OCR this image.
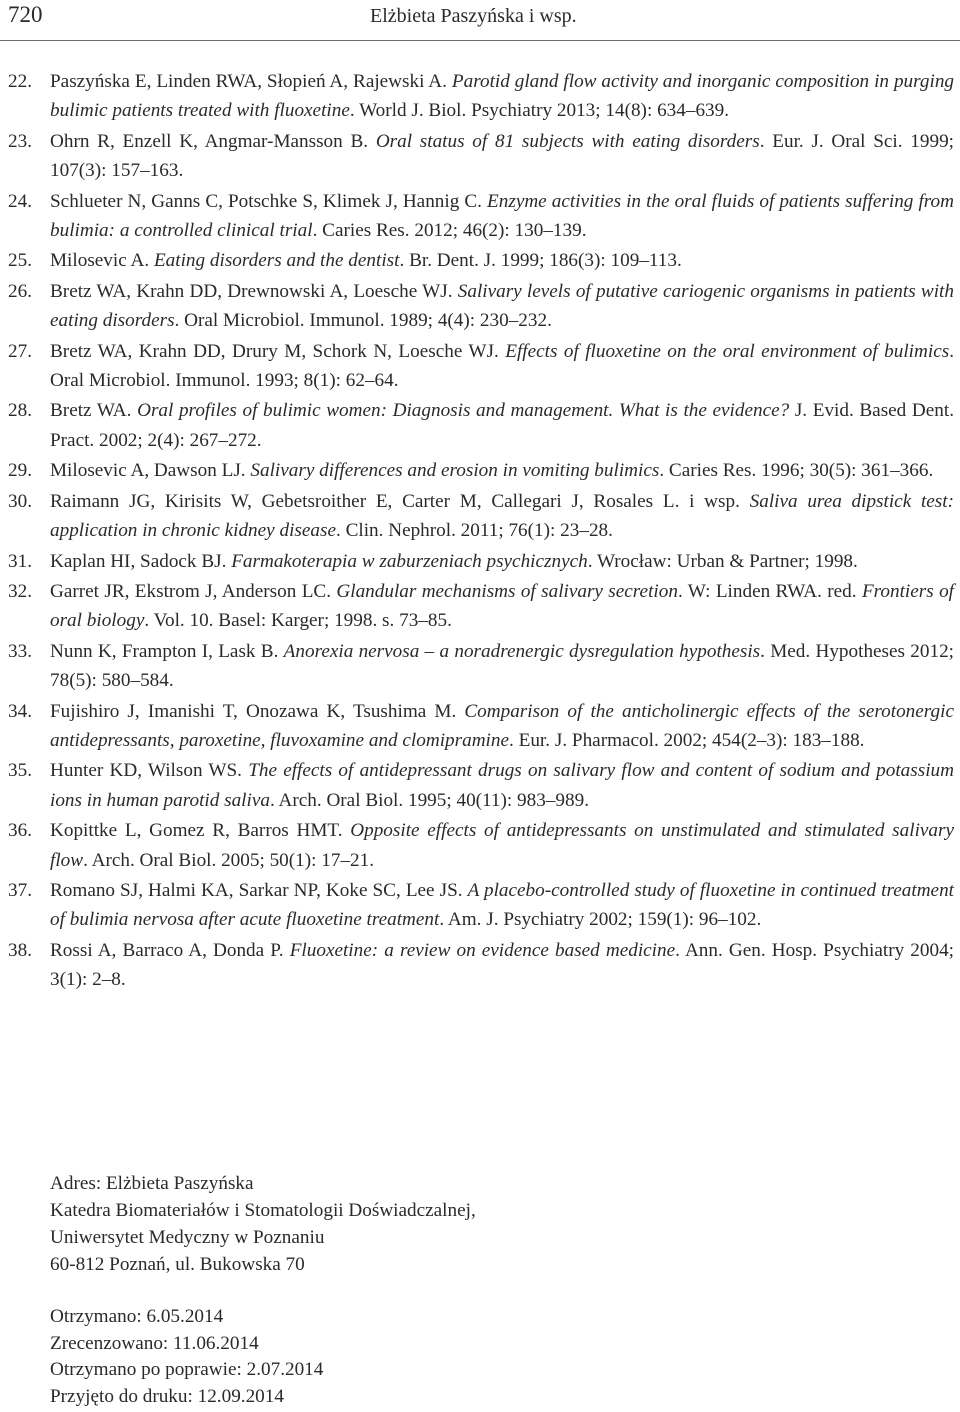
720	Elżbieta Paszyńska i wsp.
22. Paszyńska E, Linden RWA, Słopień A, Rajewski A. Parotid gland flow activity and inorganic composition in purging bulimic patients treated with fluoxetine. World J. Biol. Psychiatry 2013; 14(8): 634–639.
23. Ohrn R, Enzell K, Angmar-Mansson B. Oral status of 81 subjects with eating disorders. Eur. J. Oral Sci. 1999; 107(3): 157–163.
24. Schlueter N, Ganns C, Potschke S, Klimek J, Hannig C. Enzyme activities in the oral fluids of patients suffering from bulimia: a controlled clinical trial. Caries Res. 2012; 46(2): 130–139.
25. Milosevic A. Eating disorders and the dentist. Br. Dent. J. 1999; 186(3): 109–113.
26. Bretz WA, Krahn DD, Drewnowski A, Loesche WJ. Salivary levels of putative cariogenic organisms in patients with eating disorders. Oral Microbiol. Immunol. 1989; 4(4): 230–232.
27. Bretz WA, Krahn DD, Drury M, Schork N, Loesche WJ. Effects of fluoxetine on the oral environment of bulimics. Oral Microbiol. Immunol. 1993; 8(1): 62–64.
28. Bretz WA. Oral profiles of bulimic women: Diagnosis and management. What is the evidence? J. Evid. Based Dent. Pract. 2002; 2(4): 267–272.
29. Milosevic A, Dawson LJ. Salivary differences and erosion in vomiting bulimics. Caries Res. 1996; 30(5): 361–366.
30. Raimann JG, Kirisits W, Gebetsroither E, Carter M, Callegari J, Rosales L. i wsp. Saliva urea dipstick test: application in chronic kidney disease. Clin. Nephrol. 2011; 76(1): 23–28.
31. Kaplan HI, Sadock BJ. Farmakoterapia w zaburzeniach psychicznych. Wrocław: Urban & Partner; 1998.
32. Garret JR, Ekstrom J, Anderson LC. Glandular mechanisms of salivary secretion. W: Linden RWA. red. Frontiers of oral biology. Vol. 10. Basel: Karger; 1998. s. 73–85.
33. Nunn K, Frampton I, Lask B. Anorexia nervosa – a noradrenergic dysregulation hypothesis. Med. Hypotheses 2012; 78(5): 580–584.
34. Fujishiro J, Imanishi T, Onozawa K, Tsushima M. Comparison of the anticholinergic effects of the serotonergic antidepressants, paroxetine, fluvoxamine and clomipramine. Eur. J. Pharmacol. 2002; 454(2–3): 183–188.
35. Hunter KD, Wilson WS. The effects of antidepressant drugs on salivary flow and content of sodium and potassium ions in human parotid saliva. Arch. Oral Biol. 1995; 40(11): 983–989.
36. Kopittke L, Gomez R, Barros HMT. Opposite effects of antidepressants on unstimulated and stimulated salivary flow. Arch. Oral Biol. 2005; 50(1): 17–21.
37. Romano SJ, Halmi KA, Sarkar NP, Koke SC, Lee JS. A placebo-controlled study of fluoxetine in continued treatment of bulimia nervosa after acute fluoxetine treatment. Am. J. Psychiatry 2002; 159(1): 96–102.
38. Rossi A, Barraco A, Donda P. Fluoxetine: a review on evidence based medicine. Ann. Gen. Hosp. Psychiatry 2004; 3(1): 2–8.
Adres: Elżbieta Paszyńska
Katedra Biomateriałów i Stomatologii Doświadczalnej,
Uniwersytet Medyczny w Poznaniu
60-812 Poznań, ul. Bukowska 70
Otrzymano: 6.05.2014
Zrecenzowano: 11.06.2014
Otrzymano po poprawie: 2.07.2014
Przyjęto do druku: 12.09.2014
